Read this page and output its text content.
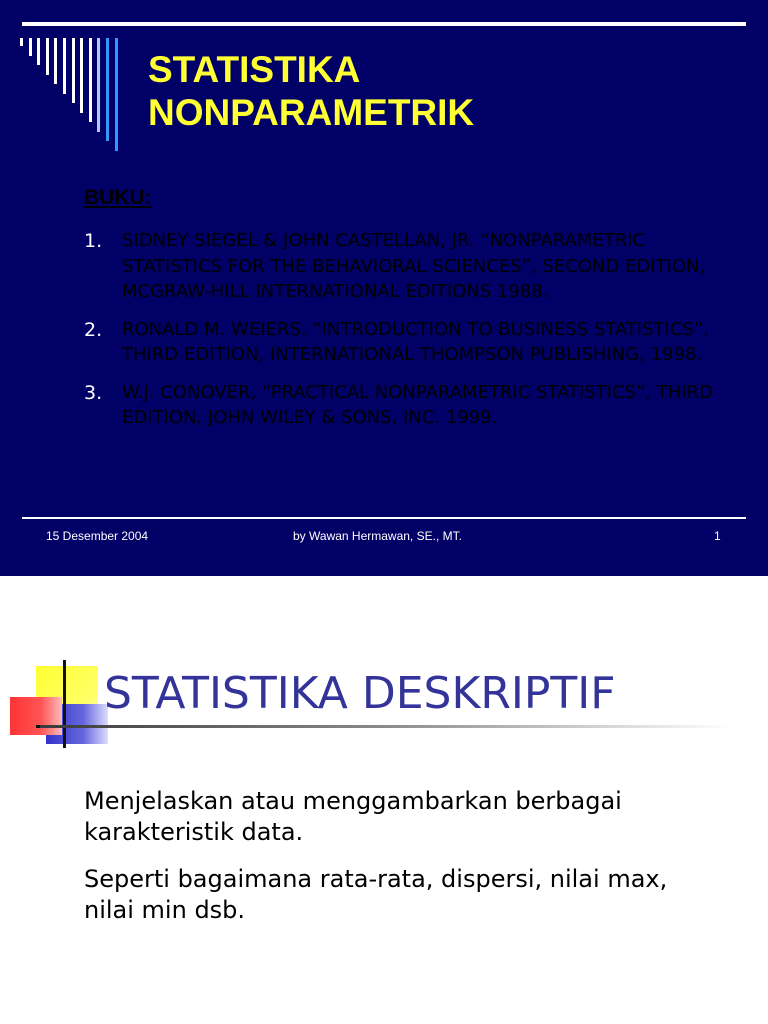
STATISTIKA
NONPARAMETRIK
BUKU:
1. SIDNEY SIEGEL & JOHN CASTELLAN, JR. “NONPARAMETRIC STATISTICS FOR THE BEHAVIORAL SCIENCES”, SECOND EDITION, MCGRAW-HILL INTERNATIONAL EDITIONS 1988.
2. RONALD M. WEIERS, “INTRODUCTION TO BUSINESS STATISTICS”, THIRD EDITION, INTERNATIONAL THOMPSON PUBLISHING, 1998.
3. W.J. CONOVER, “PRACTICAL NONPARAMETRIC STATISTICS”, THIRD EDITION, JOHN WILEY & SONS, INC. 1999.
15 Desember 2004	by Wawan Hermawan, SE., MT.	1
STATISTIKA DESKRIPTIF

Menjelaskan atau menggambarkan berbagai karakteristik data.

Seperti bagaimana rata-rata, dispersi, nilai max, nilai min dsb.
